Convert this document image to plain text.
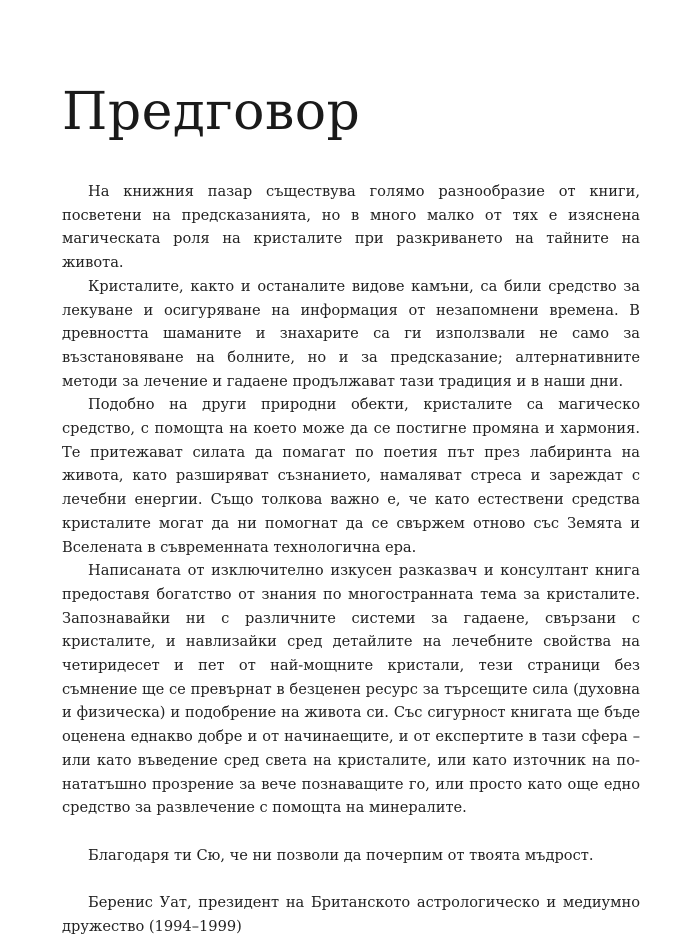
Предговор

На книжния пазар съществува голямо разнообразие от книги, посветени на предсказанията, но в много малко от тях е изяснена магическата роля на кристалите при разкриването на тайните на живота.

Кристалите, както и останалите видове камъни, са били средство за лекуване и осигуряване на информация от незапомнени времена. В древността шаманите и знахарите са ги използвали не само за възстановяване на болните, но и за предсказание; алтернативните методи за лечение и гадаене продължават тази традиция и в наши дни.

Подобно на други природни обекти, кристалите са магическо средство, с помощта на което може да се постигне промяна и хармония. Те притежават силата да помагат по поетия път през лабиринта на живота, като разширяват съзнанието, намаляват стреса и зареждат с лечебни енергии. Също толкова важно е, че като естествени средства кристалите могат да ни помогнат да се свържем отново със Земята и Вселената в съвременната технологична ера.

Написаната от изключително изкусен разказвач и консултант книга предоставя богатство от знания по многостранната тема за кристалите. Запознавайки ни с различните системи за гадаене, свързани с кристалите, и навлизайки сред детайлите на лечебните свойства на четиридесет и пет от най-мощните кристали, тези страници без съмнение ще се превърнат в безценен ресурс за търсещите сила (духовна и физическа) и подобрение на живота си. Със сигурност книгата ще бъде оценена еднакво добре и от начинаещите, и от експертите в тази сфера – или като въведение сред света на кристалите, или като източник на по-нататъшно прозрение за вече познаващите го, или просто като още едно средство за развлечение с помощта на минералите.

Благодаря ти Сю, че ни позволи да почерпим от твоята мъдрост.

Беренис Уат, президент на Британското астрологическо и медиумно дружество (1994–1999)
